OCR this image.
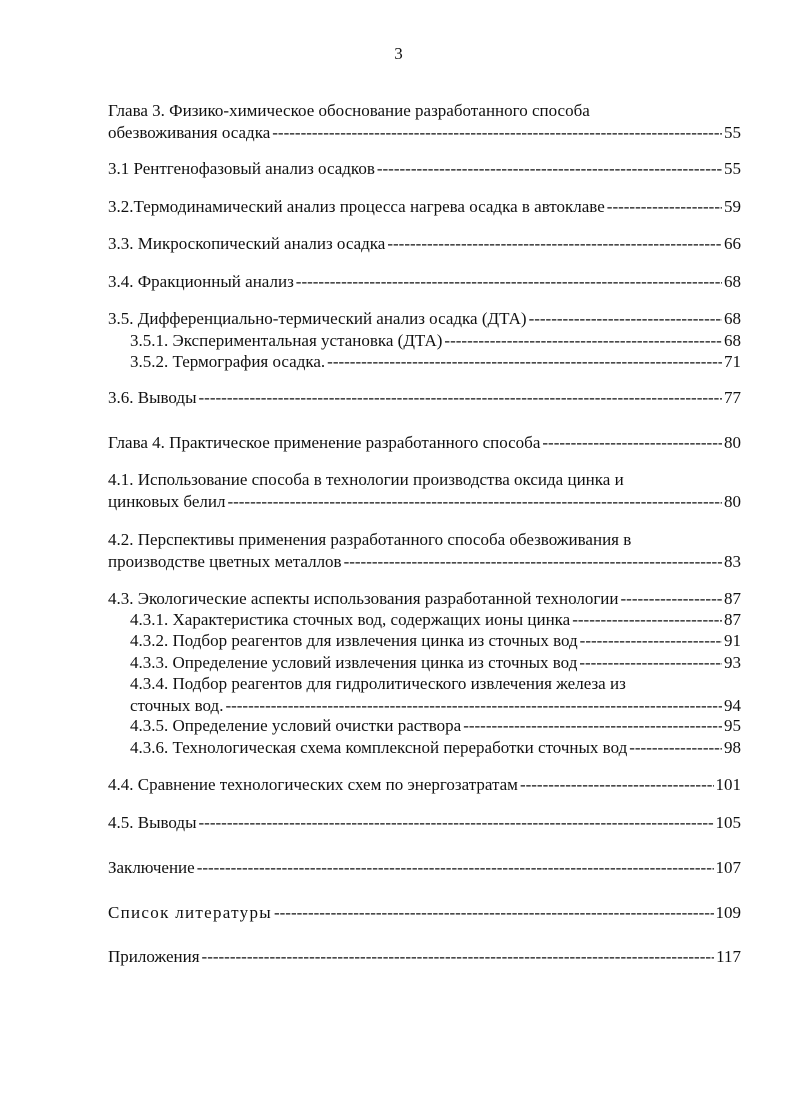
3
Глава 3. Физико-химическое обоснование разработанного способа
обезвоживания осадка -----	55
3.1 Рентгенофазовый анализ осадков -----	55
3.2.Термодинамический анализ процесса нагрева осадка в автоклаве -----	59
3.3. Микроскопический анализ осадка -----	66
3.4. Фракционный анализ -----	68
3.5. Дифференциально-термический анализ осадка (ДТА) -----	68
3.5.1. Экспериментальная установка (ДТА) -----	68
3.5.2. Термография осадка. -----	71
3.6. Выводы -----	77
Глава 4. Практическое применение разработанного способа -----	80
4.1. Использование способа в технологии производства оксида цинка и
цинковых белил -----	80
4.2. Перспективы применения разработанного способа обезвоживания в
производстве цветных металлов -----	83
4.3. Экологические аспекты использования разработанной технологии -----	87
4.3.1. Характеристика сточных вод, содержащих ионы цинка -----	87
4.3.2. Подбор реагентов для извлечения цинка из сточных вод -----	91
4.3.3. Определение условий извлечения цинка из сточных вод -----	93
4.3.4. Подбор реагентов для гидролитического извлечения железа из
сточных вод. -----	94
4.3.5. Определение условий очистки раствора -----	95
4.3.6. Технологическая схема комплексной переработки сточных вод -----	98
4.4. Сравнение технологических схем по энергозатратам -----	101
4.5. Выводы -----	105
Заключение -----	107
Список литературы -----	109
Приложения -----	117
